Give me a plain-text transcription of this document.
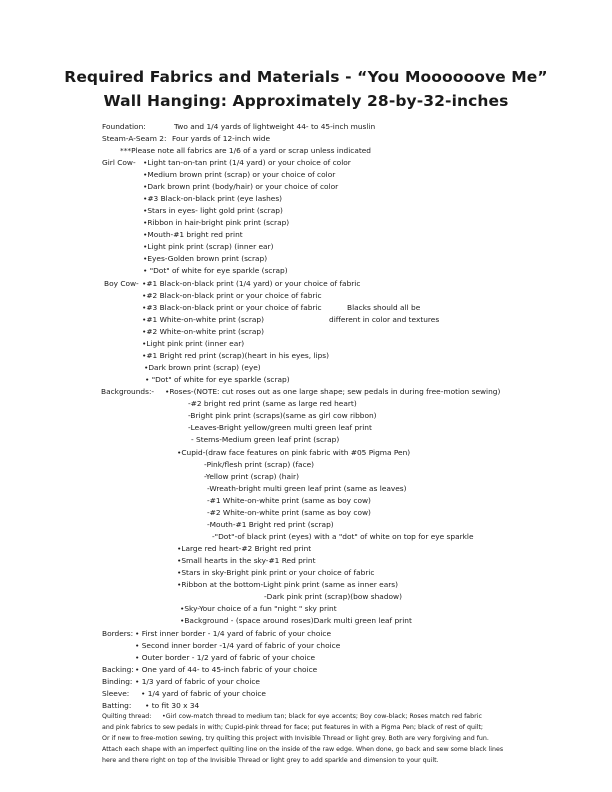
Required Fabrics and Materials - “You Moooooove Me”
Wall Hanging: Approximately 28-by-32-inches
Foundation:	Two and 1/4 yards of lightweight 44- to 45-inch muslin
Steam-A-Seam 2: Four yards of 12-inch wide
***Please note all fabrics are 1/6 of a yard or scrap unless indicated
Girl Cow- •Light tan-on-tan print (1/4 yard) or your choice of color
•Medium brown print (scrap) or your choice of color
•Dark brown print (body/hair) or your choice of color
•#3 Black-on-black print (eye lashes)
•Stars in eyes- light gold print (scrap)
•Ribbon in hair-bright pink print (scrap)
•Mouth-#1 bright red print
•Light pink print (scrap) (inner ear)
•Eyes-Golden brown print (scrap)
• "Dot" of white for eye sparkle (scrap)
Boy Cow- •#1 Black-on-black print (1/4 yard) or your choice of fabric
•#2 Black-on-black print or your choice of fabric
•#3 Black-on-black print or your choice of fabric	Blacks should all be
•#1 White-on-white print (scrap)	different in color and textures
•#2 White-on-white print (scrap)
•Light pink print (inner ear)
•#1 Bright red print (scrap)(heart in his eyes, lips)
•Dark brown print (scrap) (eye)
• "Dot" of white for eye sparkle (scrap)
Backgrounds:- •Roses-(NOTE: cut roses out as one large shape; sew pedals in during free-motion sewing)
-#2 bright red print (same as large red heart)
-Bright pink print (scraps)(same as girl cow ribbon)
-Leaves-Bright yellow/green multi green leaf print
- Stems-Medium green leaf print (scrap)
•Cupid-(draw face features on pink fabric with #05 Pigma Pen)
-Pink/flesh print (scrap) (face)
-Yellow print (scrap) (hair)
-Wreath-bright multi green leaf print (same as leaves)
-#1 White-on-white print (same as boy cow)
-#2 White-on-white print (same as boy cow)
-Mouth-#1 Bright red print (scrap)
-"Dot"-of black print (eyes) with a "dot" of white on top for eye sparkle
•Large red heart-#2 Bright red print
•Small hearts in the sky-#1 Red print
•Stars in sky-Bright pink print or your choice of fabric
•Ribbon at the bottom-Light pink print (same as inner ears)
-Dark pink print (scrap)(bow shadow)
•Sky-Your choice of a fun "night " sky print
•Background - (space around roses)Dark multi green leaf print
Borders: • First inner border - 1/4 yard of fabric of your choice
• Second inner border -1/4 yard of fabric of your choice
• Outer border - 1/2 yard of fabric of your choice
Backing: • One yard of 44- to 45-inch fabric of your choice
Binding: • 1/3 yard of fabric of your choice
Sleeve: • 1/4 yard of fabric of your choice
Batting: • to fit 30 x 34
Quilting thread: •Girl cow-match thread to medium tan; black for eye accents; Boy cow-black; Roses match red fabric
and pink fabrics to sew pedals in with; Cupid-pink thread for face; put features in with a Pigma Pen; black of rest of quilt;
Or if new to free-motion sewing, try quilting this project with Invisible Thread or light grey. Both are very forgiving and fun.
Attach each shape with an imperfect quilting line on the inside of the raw edge. When done, go back and sew some black lines
here and there right on top of the Invisible Thread or light grey to add sparkle and dimension to your quilt.
